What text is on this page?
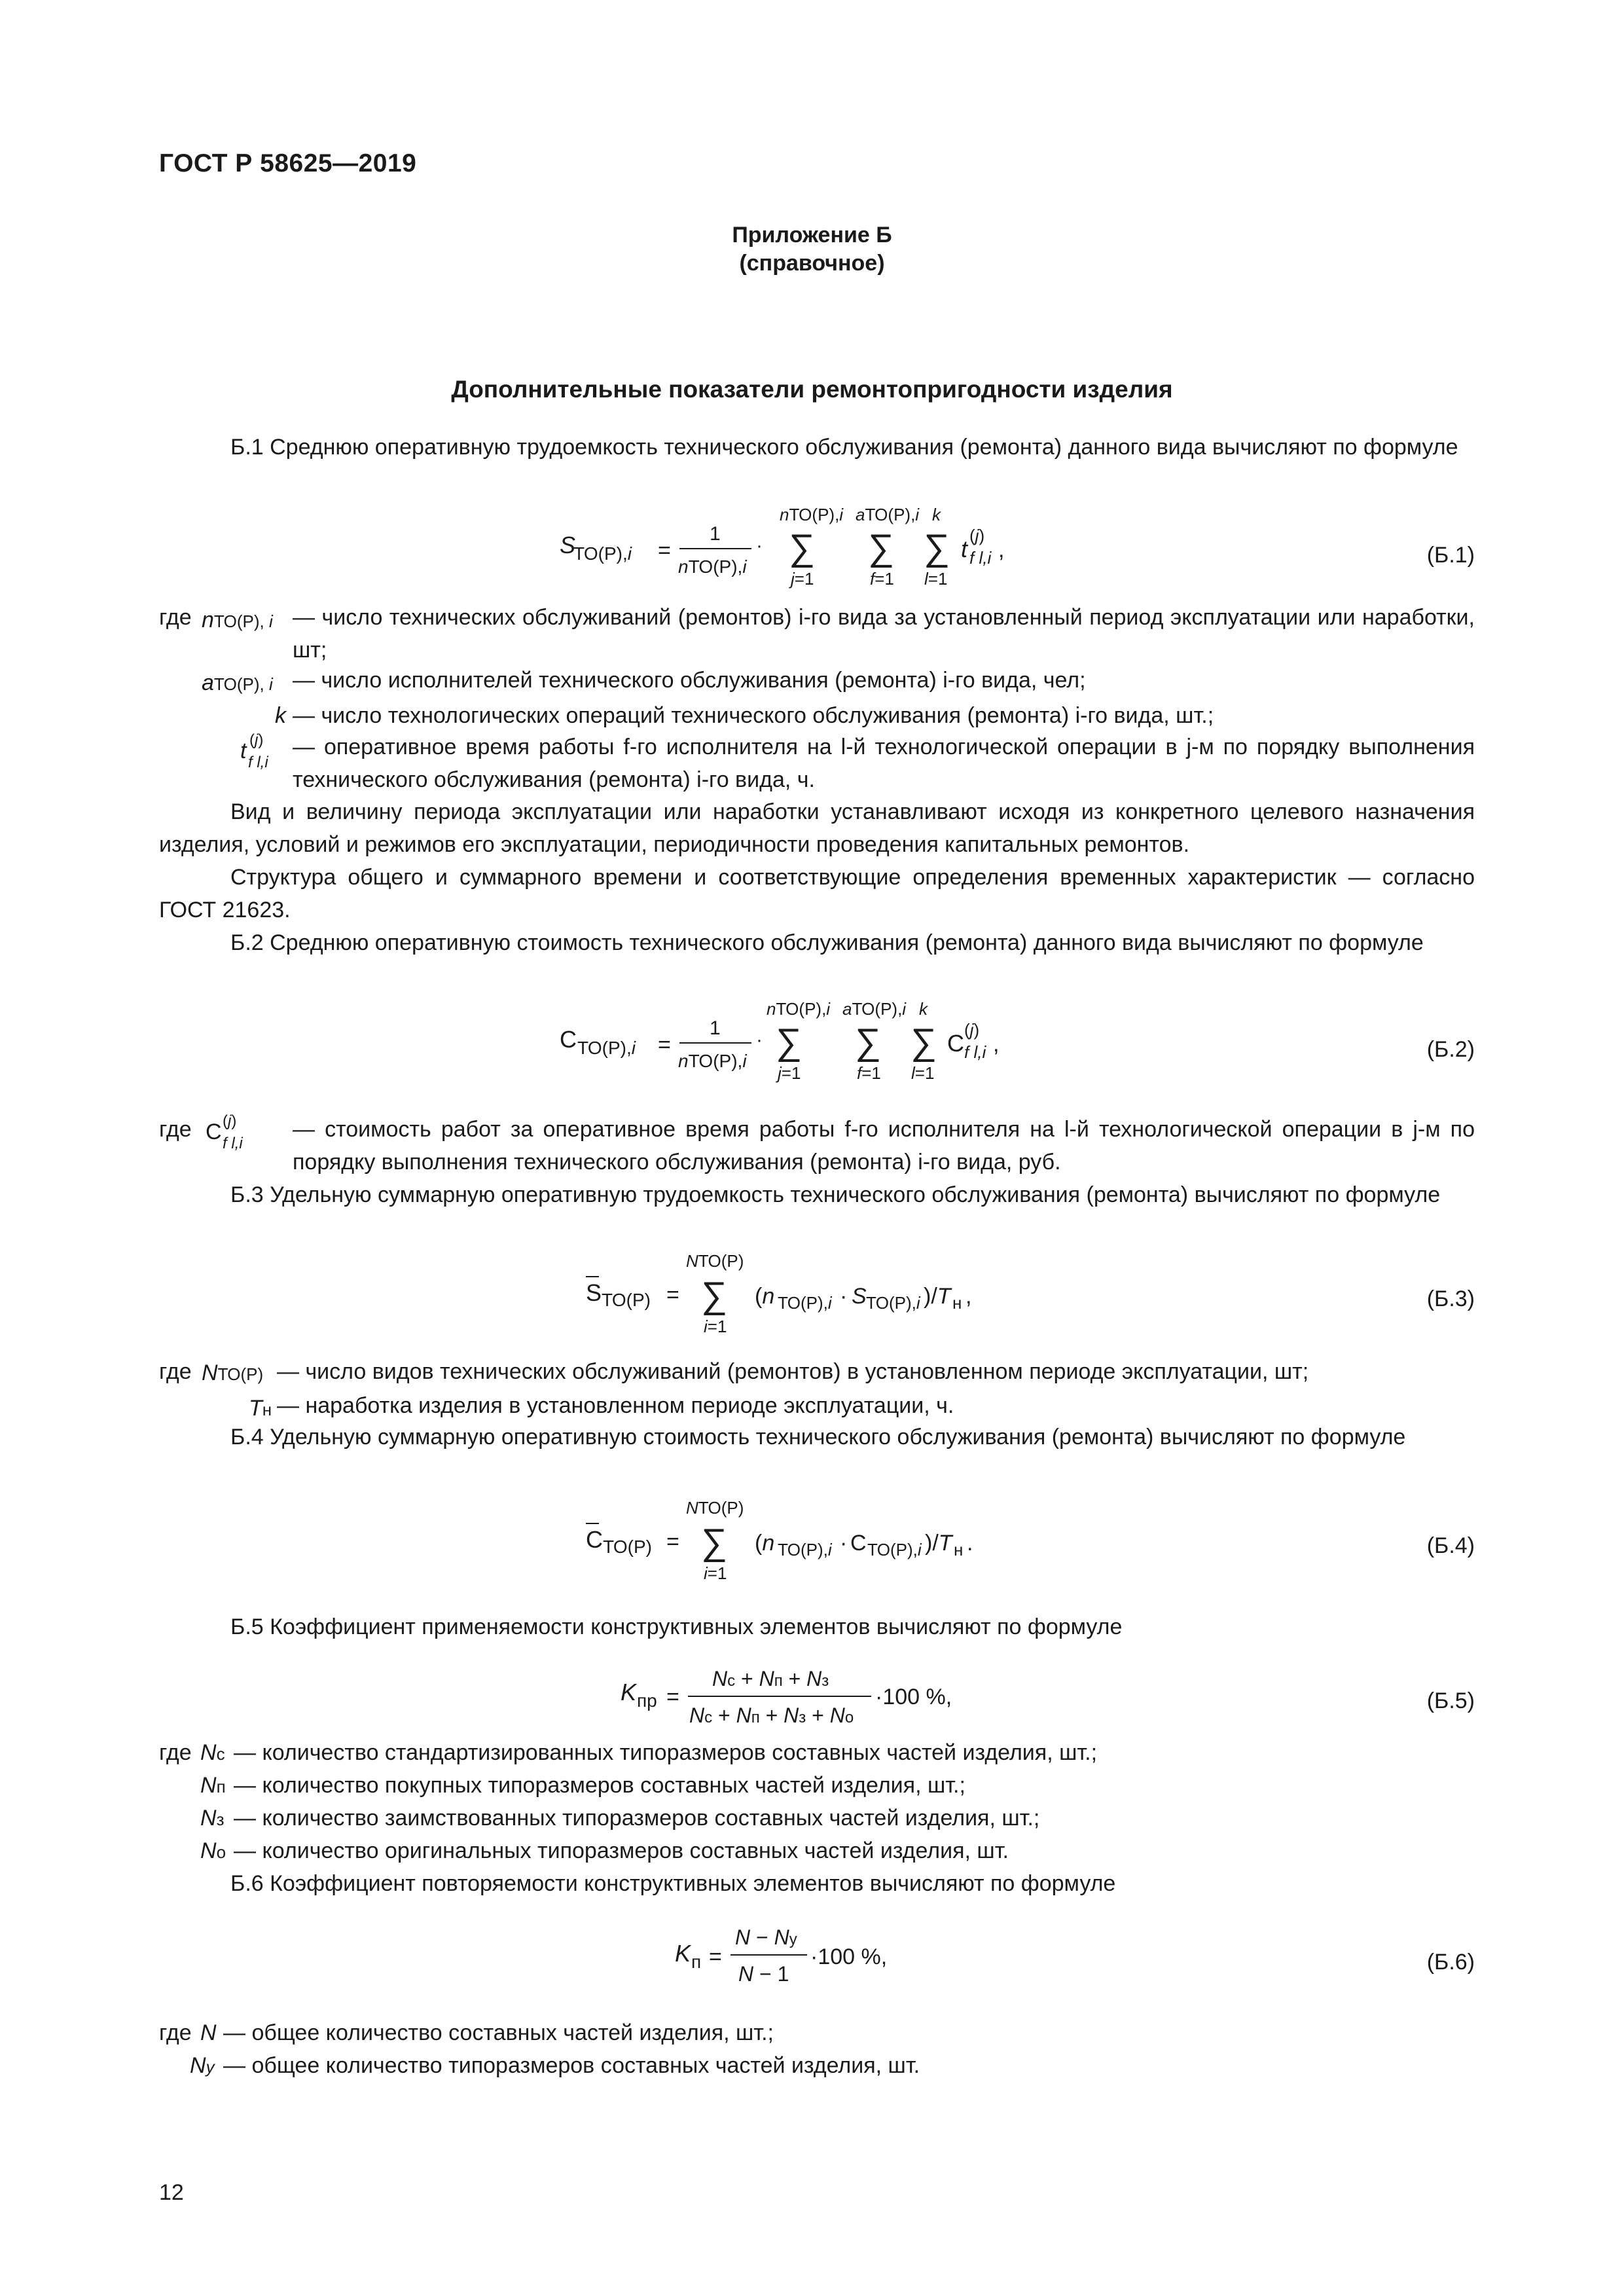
ГОСТ Р 58625—2019
Приложение Б
(справочное)
Дополнительные показатели ремонтопригодности изделия

Б.1 Среднюю оперативную трудоемкость технического обслуживания (ремонта) данного вида вычисляют по формуле

S
ТО(Р),i =
1
nТО(Р),i
·
nТО(Р),i
∑
j=1
aТО(Р),i
∑
f=1
k
∑
l=1
t (j)
f l,i ,	(Б.1)
где nТО(Р), i — число технических обслуживаний (ремонтов) i-го вида за установленный период эксплуатации или наработки, шт;
aТО(Р), i — число исполнителей технического обслуживания (ремонта) i-го вида, чел;
k — число технологических операций технического обслуживания (ремонта) i-го вида, шт.;
t (j)
f l,i
— оперативное время работы f-го исполнителя на l-й технологической операции в j-м по порядку выполнения технического обслуживания (ремонта) i-го вида, ч.

Вид и величину периода эксплуатации или наработки устанавливают исходя из конкретного целевого назначения изделия, условий и режимов его эксплуатации, периодичности проведения капитальных ремонтов.

Структура общего и суммарного времени и соответствующие определения временных характеристик — согласно ГОСТ 21623.

Б.2 Среднюю оперативную стоимость технического обслуживания (ремонта) данного вида вычисляют по формуле

C ТО(Р),i =
1
nТО(Р),i
·
nТО(Р),i
∑
j=1
aТО(Р),i
∑
f=1
k
∑
l=1
C (j)
f l,i ,	(Б.2)
где C (j)
f l,i
— стоимость работ за оперативное время работы f-го исполнителя на l-й технологической операции в j-м по порядку выполнения технического обслуживания (ремонта) i-го вида, руб.

Б.3 Удельную суммарную оперативную трудоемкость технического обслуживания (ремонта) вычисляют по формуле

S ТО(Р) =
NТО(Р)
∑
i=1
(n ТО(Р),i · S ТО(Р),i )/T н ,	(Б.3)
где NТО(Р) — число видов технических обслуживаний (ремонтов) в установленном периоде эксплуатации, шт;
Tн — наработка изделия в установленном периоде эксплуатации, ч.

Б.4 Удельную суммарную оперативную стоимость технического обслуживания (ремонта) вычисляют по формуле

C ТО(Р) =
NТО(Р)
∑
i=1
(n ТО(Р),i · C ТО(Р),i )/T н .	(Б.4)

Б.5 Коэффициент применяемости конструктивных элементов вычисляют по формуле

K пр =
Nс + Nп + Nз
Nс + Nп + Nз + Nо
·100 %,	(Б.5)
где Nс — количество стандартизированных типоразмеров составных частей изделия, шт.;
Nп — количество покупных типоразмеров составных частей изделия, шт.;
Nз — количество заимствованных типоразмеров составных частей изделия, шт.;
Nо — количество оригинальных типоразмеров составных частей изделия, шт.

Б.6 Коэффициент повторяемости конструктивных элементов вычисляют по формуле

K п =
N − Nу
N − 1
·100 %,	(Б.6)
где N — общее количество составных частей изделия, шт.;
Nу — общее количество типоразмеров составных частей изделия, шт.
12
